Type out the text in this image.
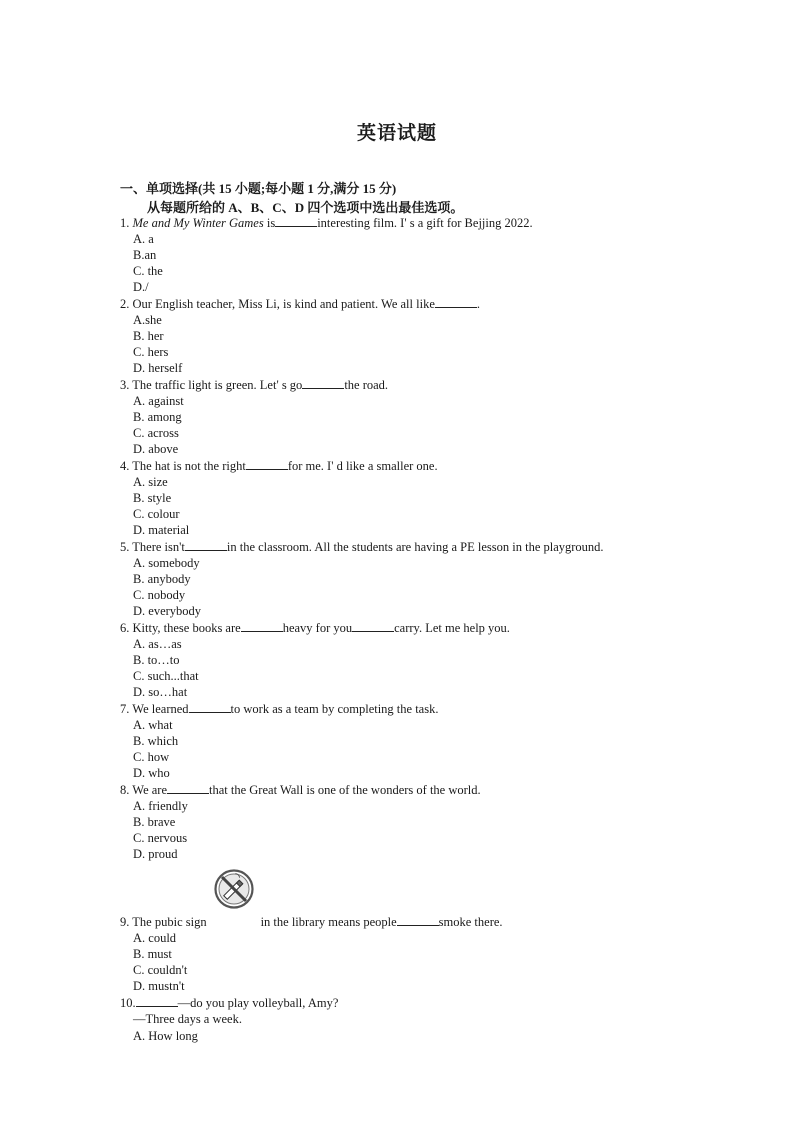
英语试题
一、单项选择(共 15 小题;每小题 1 分,满分 15 分)
从每题所给的 A、B、C、D 四个选项中选出最佳选项。
1. Me and My Winter Games is	interesting film. I' s a gift for Bejjing 2022.
A. a
B.an
C. the
D./
2. Our English teacher, Miss Li, is kind and patient. We all like	.
A.she
B. her
C. hers
D. herself
3. The traffic light is green. Let' s go	the road.
A. against
B. among
C. across
D. above
4. The hat is not the right	for me. I' d like a smaller one.
A. size
B. style
C. colour
D. material
5. There isn't	in the classroom. All the students are having a PE lesson in the playground.
A. somebody
B. anybody
C. nobody
D. everybody
6. Kitty, these books are	heavy for you	carry. Let me help you.
A. as…as
B. to…to
C. such...that
D. so…hat
7. We learned	to work as a team by completing the task.
A. what
B. which
C. how
D. who
8. We are	that the Great Wall is one of the wonders of the world.
A. friendly
B. brave
C. nervous
D. proud
9. The pubic sign	in the library means people	smoke there.
A. could
B. must
C. couldn't
D. mustn't
10.	—do you play volleyball, Amy?
—Three days a week.
A. How long
